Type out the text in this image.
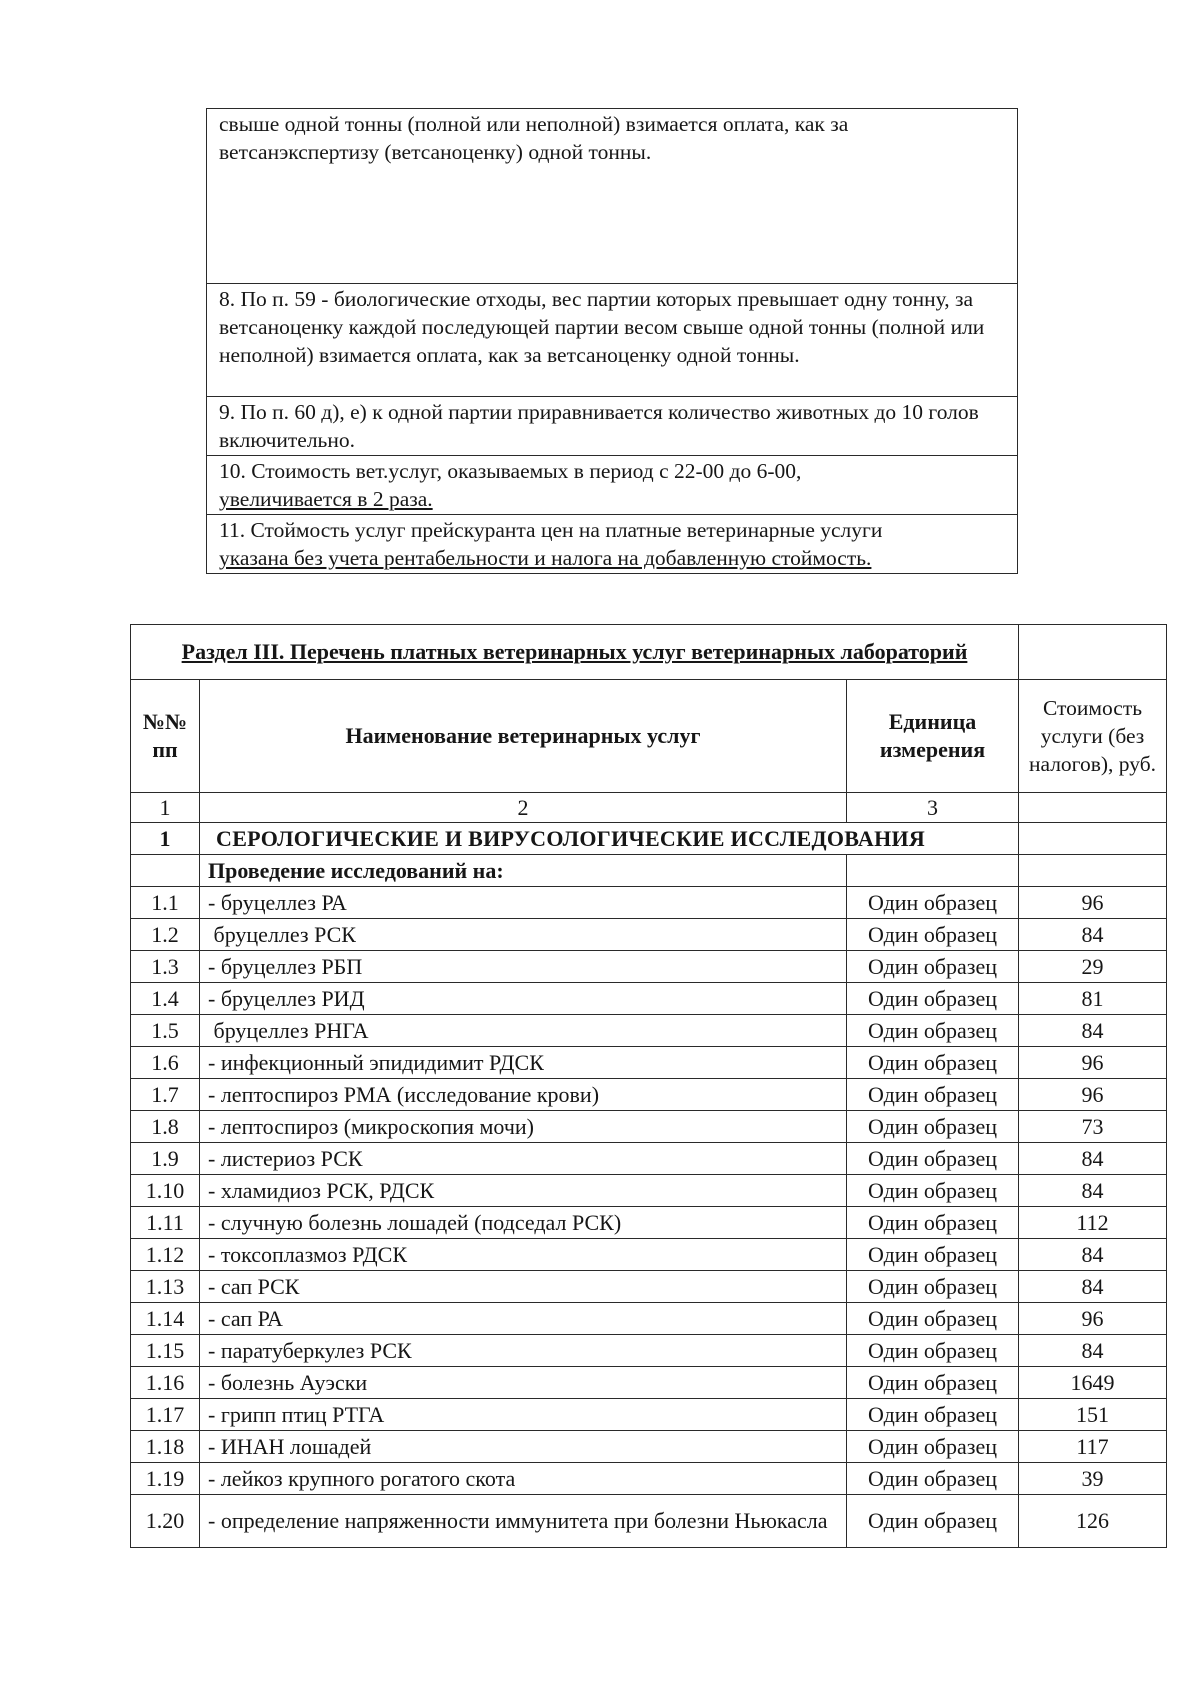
свыше одной тонны (полной или неполной) взимается оплата, как за ветсанэкспертизу (ветсаноценку) одной тонны.
8. По п. 59 - биологические отходы, вес партии которых превышает одну тонну, за ветсаноценку каждой последующей партии весом свыше одной тонны (полной или неполной) взимается оплата, как за ветсаноценку одной тонны.
9. По п. 60 д), е) к одной партии приравнивается количество животных до 10 голов включительно.

10. Стоимость вет.услуг, оказываемых в период с 22-00 до 6-00,
увеличивается в 2 раза.

11. Стоймость услуг прейскуранта цен на платные ветеринарные услуги
указана без учета рентабельности и налога на добавленную стоймость.
Раздел III. Перечень платных ветеринарных услуг ветеринарных лабораторий			
№№ пп	Наименование ветеринарных услуг	Единица измерения	Стоимость услуги (без налогов), руб.
1	2	3	
1	СЕРОЛОГИЧЕСКИЕ И ВИРУСОЛОГИЧЕСКИЕ ИССЛЕДОВАНИЯ		
	Проведение исследований на:		
1.1	- бруцеллез РА	Один образец	96
1.2	бруцеллез РСК	Один образец	84
1.3	- бруцеллез РБП	Один образец	29
1.4	- бруцеллез РИД	Один образец	81
1.5	бруцеллез РНГА	Один образец	84
1.6	- инфекционный эпидидимит РДСК	Один образец	96
1.7	- лептоспироз РМА (исследование крови)	Один образец	96
1.8	- лептоспироз (микроскопия мочи)	Один образец	73
1.9	- листериоз РСК	Один образец	84
1.10	- хламидиоз РСК, РДСК	Один образец	84
1.11	- случную болезнь лошадей (подседал РСК)	Один образец	112
1.12	- токсоплазмоз РДСК	Один образец	84
1.13	- сап РСК	Один образец	84
1.14	- сап РА	Один образец	96
1.15	- паратуберкулез РСК	Один образец	84
1.16	- болезнь Ауэски	Один образец	1649
1.17	- грипп птиц РТГА	Один образец	151
1.18	- ИНАН лошадей	Один образец	117
1.19	- лейкоз крупного рогатого скота	Один образец	39
1.20	- определение напряженности иммунитета при болезни Ньюкасла	Один образец	126
